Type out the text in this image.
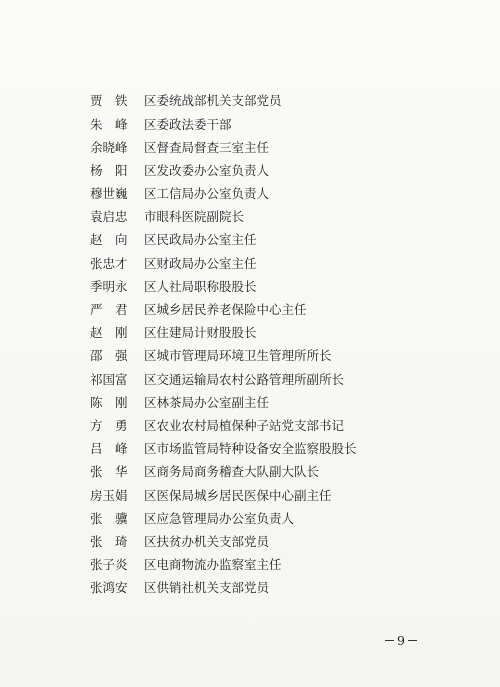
贾　铁	区委统战部机关支部党员
朱　峰	区委政法委干部
余晓峰	区督查局督查三室主任
杨　阳	区发改委办公室负责人
穆世巍	区工信局办公室负责人
袁启忠	市眼科医院副院长
赵　向	区民政局办公室主任
张忠才	区财政局办公室主任
季明永	区人社局职称股股长
严　君	区城乡居民养老保险中心主任
赵　刚	区住建局计财股股长
邵　强	区城市管理局环境卫生管理所所长
祁国富	区交通运输局农村公路管理所副所长
陈　刚	区林茶局办公室副主任
方　勇	区农业农村局植保种子站党支部书记
吕　峰	区市场监管局特种设备安全监察股股长
张　华	区商务局商务稽查大队副大队长
房玉娟	区医保局城乡居民医保中心副主任
张　骥	区应急管理局办公室负责人
张　琦	区扶贫办机关支部党员
张子炎	区电商物流办监察室主任
张鸿安	区供销社机关支部党员
9
